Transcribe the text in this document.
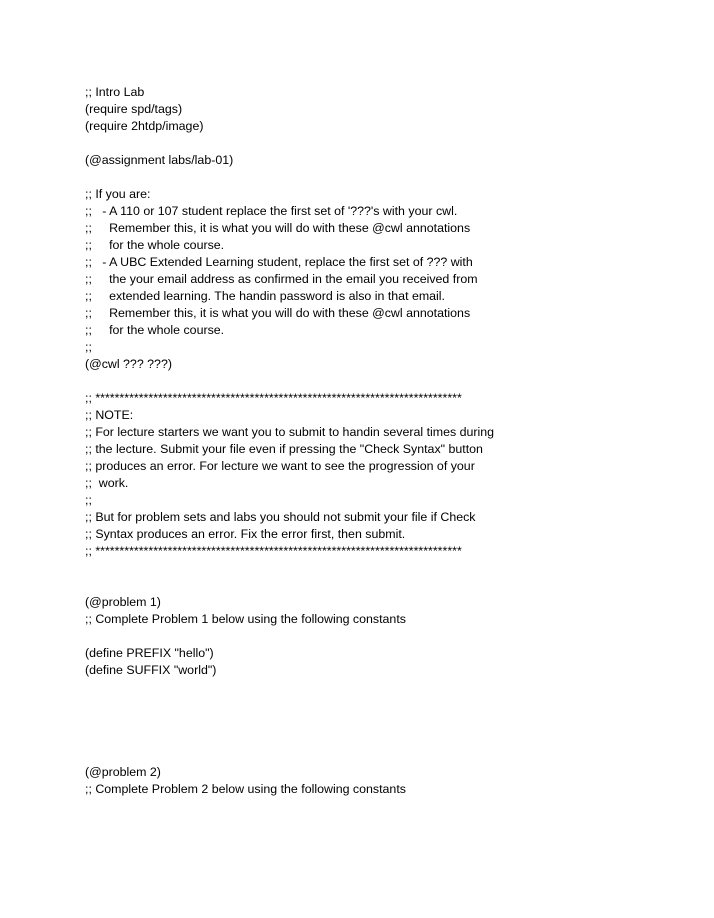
;; Intro Lab
(require spd/tags)
(require 2htdp/image)
(@assignment labs/lab-01)
;; If you are:
;;   - A 110 or 107 student replace the first set of '???'s with your cwl.
;;     Remember this, it is what you will do with these @cwl annotations
;;     for the whole course.
;;   - A UBC Extended Learning student, replace the first set of ??? with
;;     the your email address as confirmed in the email you received from
;;     extended learning. The handin password is also in that email.
;;     Remember this, it is what you will do with these @cwl annotations
;;     for the whole course.
;;
(@cwl ??? ???)
;; ****************************************************************************
;; NOTE:
;; For lecture starters we want you to submit to handin several times during
;; the lecture. Submit your file even if pressing the "Check Syntax" button
;; produces an error. For lecture we want to see the progression of your
;;  work.
;;
;; But for problem sets and labs you should not submit your file if Check
;; Syntax produces an error. Fix the error first, then submit.
;; ****************************************************************************
(@problem 1)
;; Complete Problem 1 below using the following constants
(define PREFIX "hello")
(define SUFFIX "world")
(@problem 2)
;; Complete Problem 2 below using the following constants
